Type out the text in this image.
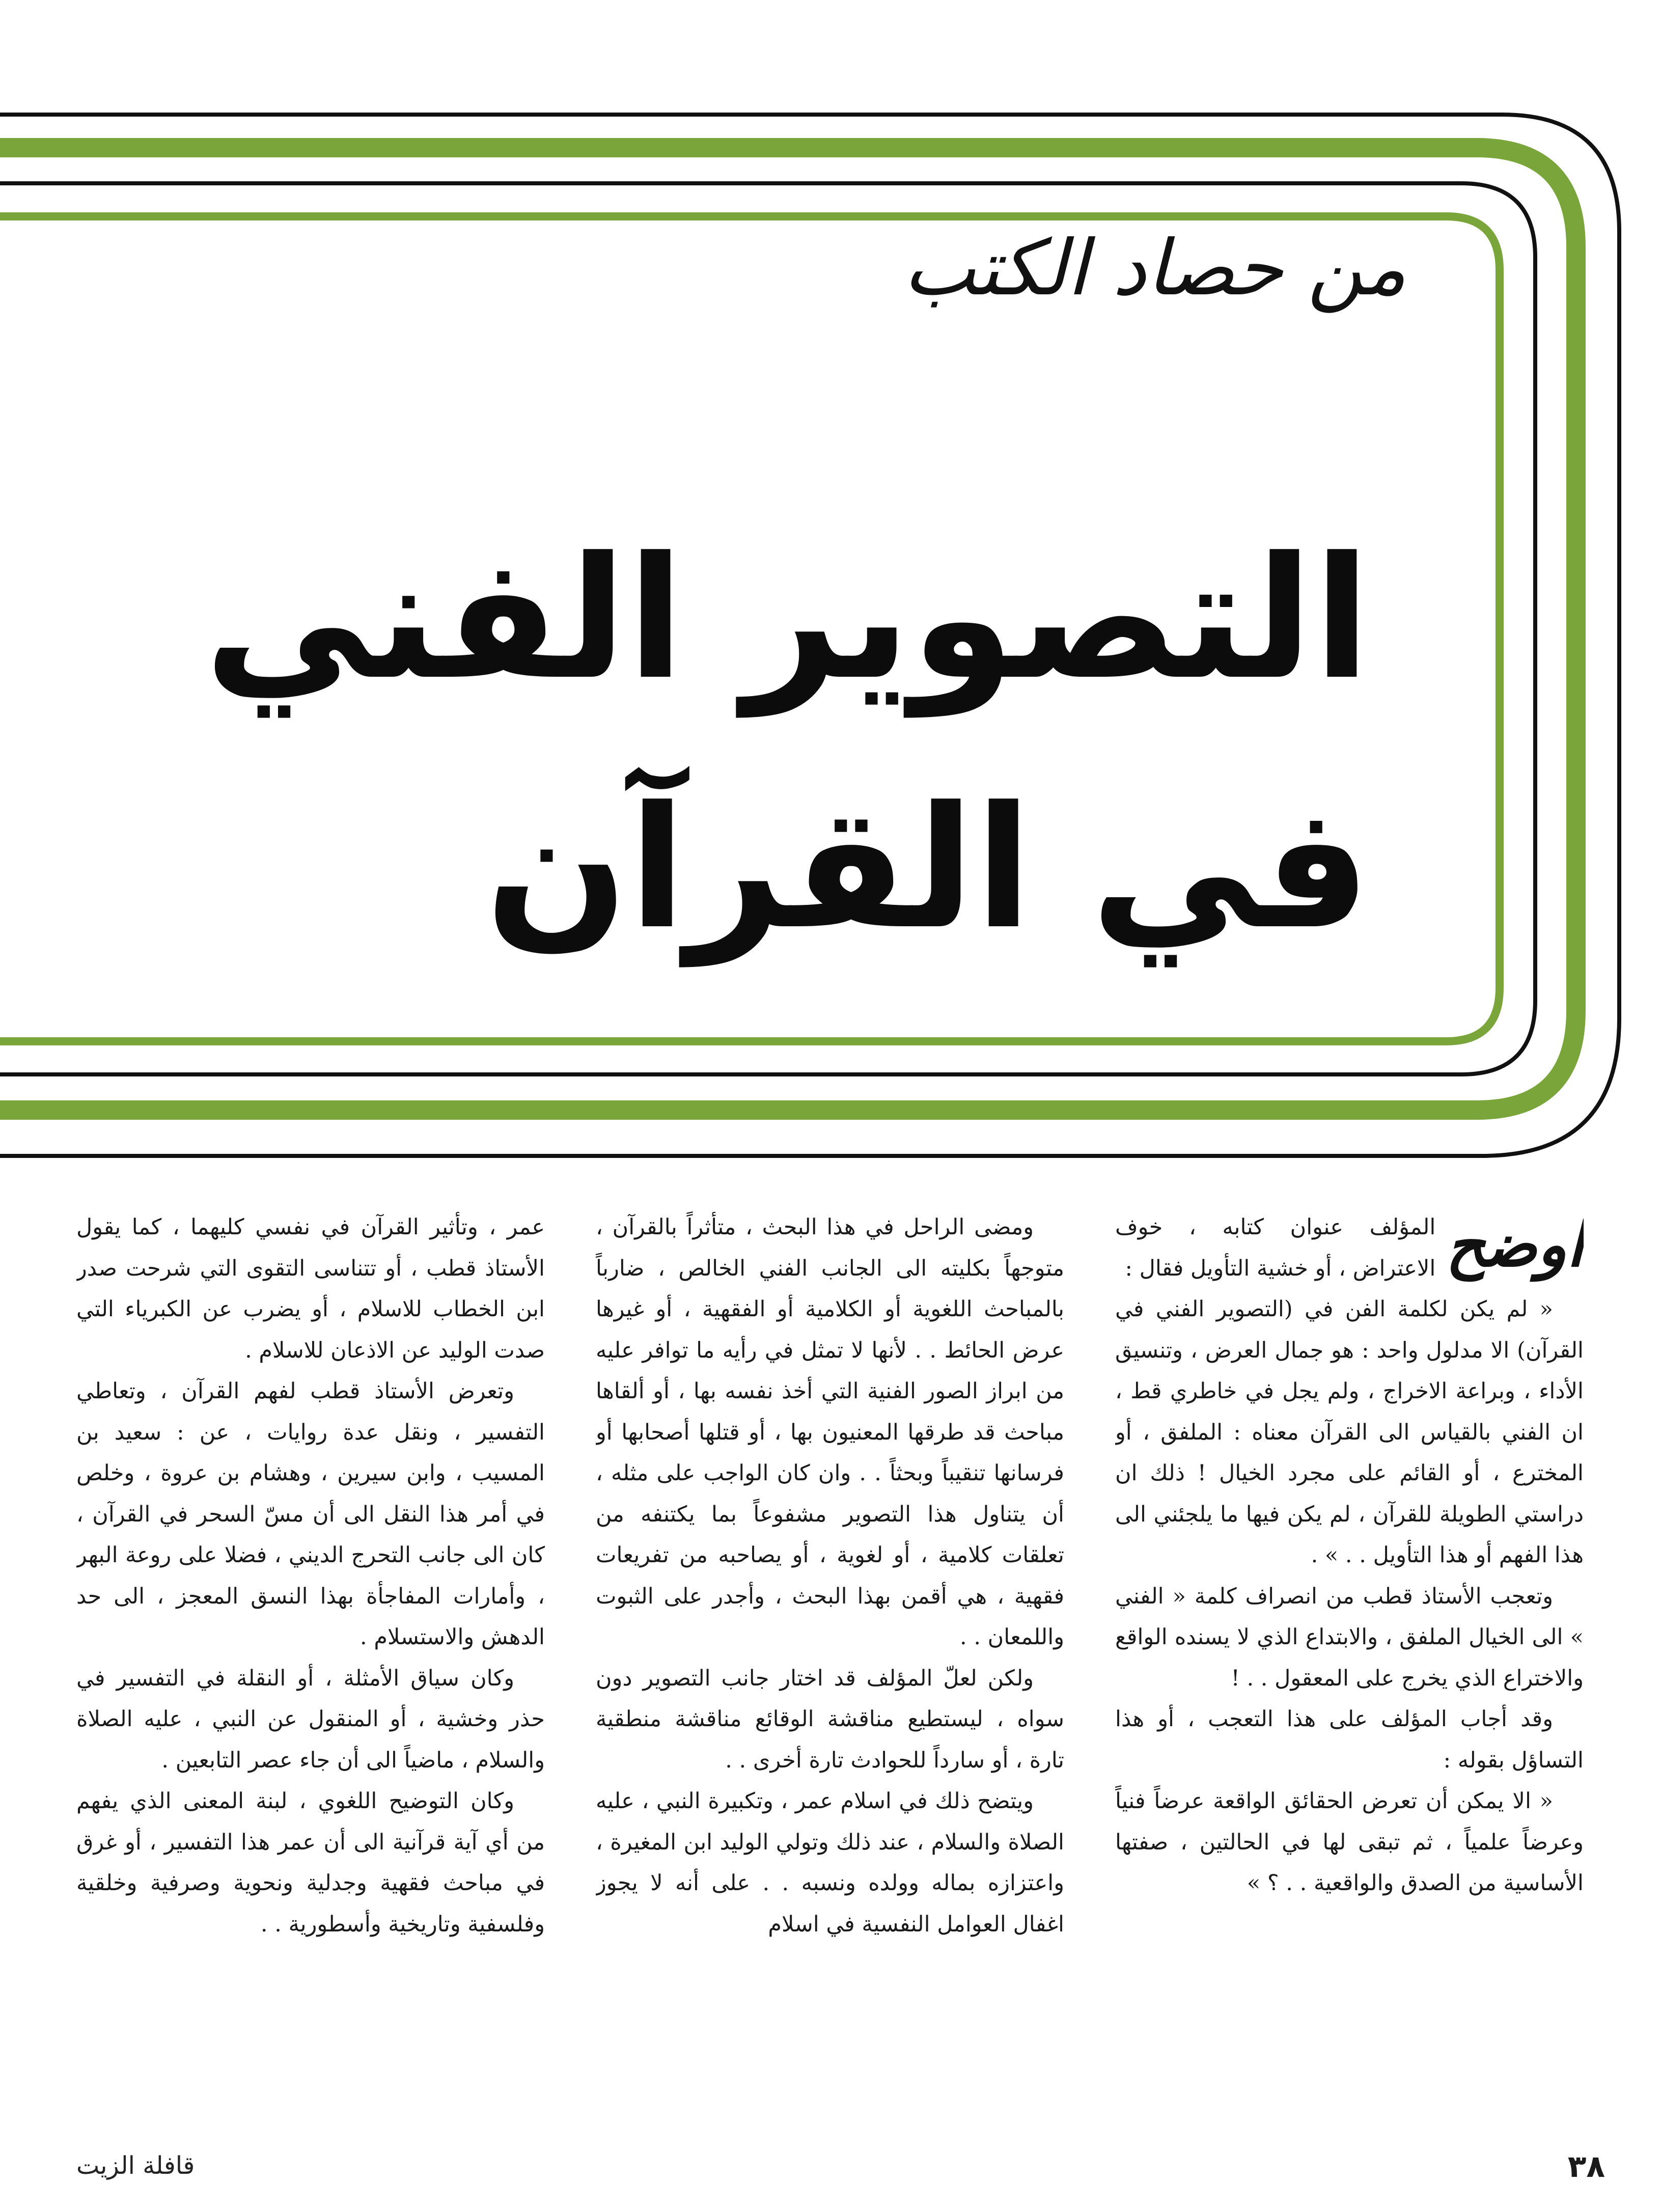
من حصاد الكتب
التصوير الفني
في القرآن
اوضح

المؤلف عنوان كتابه ، خوف الاعتراض ، أو خشية التأويل فقال :

« لم يكن لكلمة الفن في (التصوير الفني في القرآن) الا مدلول واحد : هو جمال العرض ، وتنسيق الأداء ، وبراعة الاخراج ، ولم يجل في خاطري قط ، ان الفني بالقياس الى القرآن معناه : الملفق ، أو المخترع ، أو القائم على مجرد الخيال ! ذلك ان دراستي الطويلة للقرآن ، لم يكن فيها ما يلجئني الى هذا الفهم أو هذا التأويل . . » .

وتعجب الأستاذ قطب من انصراف كلمة « الفني » الى الخيال الملفق ، والابتداع الذي لا يسنده الواقع والاختراع الذي يخرج على المعقول . . !

وقد أجاب المؤلف على هذا التعجب ، أو هذا التساؤل بقوله :

« الا يمكن أن تعرض الحقائق الواقعة عرضاً فنياً وعرضاً علمياً ، ثم تبقى لها في الحالتين ، صفتها الأساسية من الصدق والواقعية . . ؟ »

ومضى الراحل في هذا البحث ، متأثراً بالقرآن ، متوجهاً بكليته الى الجانب الفني الخالص ، ضارباً بالمباحث اللغوية أو الكلامية أو الفقهية ، أو غيرها عرض الحائط . . لأنها لا تمثل في رأيه ما توافر عليه من ابراز الصور الفنية التي أخذ نفسه بها ، أو ألقاها مباحث قد طرقها المعنيون بها ، أو قتلها أصحابها أو فرسانها تنقيباً وبحثاً . . وان كان الواجب على مثله ، أن يتناول هذا التصوير مشفوعاً بما يكتنفه من تعلقات كلامية ، أو لغوية ، أو يصاحبه من تفريعات فقهية ، هي أقمن بهذا البحث ، وأجدر على الثبوت واللمعان . .

ولكن لعلّ المؤلف قد اختار جانب التصوير دون سواه ، ليستطيع مناقشة الوقائع مناقشة منطقية تارة ، أو سارداً للحوادث تارة أخرى . .

ويتضح ذلك في اسلام عمر ، وتكبيرة النبي ، عليه الصلاة والسلام ، عند ذلك وتولي الوليد ابن المغيرة ، واعتزازه بماله وولده ونسبه . . على أنه لا يجوز اغفال العوامل النفسية في اسلام

عمر ، وتأثير القرآن في نفسي كليهما ، كما يقول الأستاذ قطب ، أو تتناسى التقوى التي شرحت صدر ابن الخطاب للاسلام ، أو يضرب عن الكبرياء التي صدت الوليد عن الاذعان للاسلام .

وتعرض الأستاذ قطب لفهم القرآن ، وتعاطي التفسير ، ونقل عدة روايات ، عن : سعيد بن المسيب ، وابن سيرين ، وهشام بن عروة ، وخلص في أمر هذا النقل الى أن مسّ السحر في القرآن ، كان الى جانب التحرج الديني ، فضلا على روعة البهر ، وأمارات المفاجأة بهذا النسق المعجز ، الى حد الدهش والاستسلام .

وكان سياق الأمثلة ، أو النقلة في التفسير في حذر وخشية ، أو المنقول عن النبي ، عليه الصلاة والسلام ، ماضياً الى أن جاء عصر التابعين .

وكان التوضيح اللغوي ، لبنة المعنى الذي يفهم من أي آية قرآنية الى أن عمر هذا التفسير ، أو غرق في مباحث فقهية وجدلية ونحوية وصرفية وخلقية وفلسفية وتاريخية وأسطورية . .

٣٨
قافلة الزيت
